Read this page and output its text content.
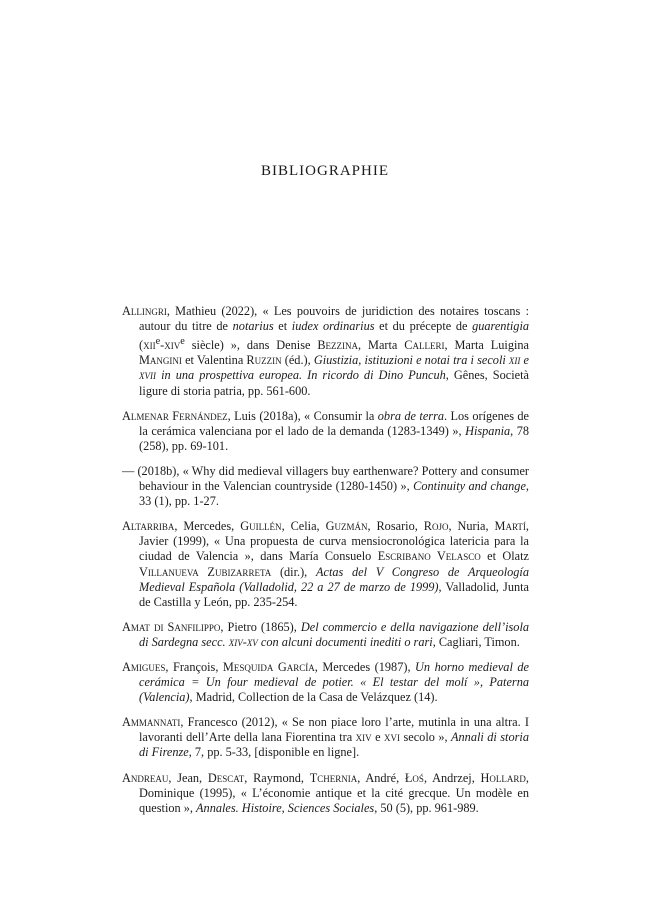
BIBLIOGRAPHIE

Allingri, Mathieu (2022), « Les pouvoirs de juridiction des notaires toscans : autour du titre de notarius et iudex ordinarius et du précepte de guarentigia (xii$^e$-xiv$^e$ siècle) », dans Denise Bezzina, Marta Calleri, Marta Luigina Mangini et Valentina Ruzzin (éd.), Giustizia, istituzioni e notai tra i secoli xii e xvii in una prospettiva europea. In ricordo di Dino Puncuh, Gênes, Società ligure di storia patria, pp. 561-600.

Almenar Fernández, Luis (2018a), « Consumir la obra de terra. Los orígenes de la cerámica valenciana por el lado de la demanda (1283-1349) », Hispania, 78 (258), pp. 69-101.

— (2018b), « Why did medieval villagers buy earthenware? Pottery and consumer behaviour in the Valencian countryside (1280-1450) », Continuity and change, 33 (1), pp. 1-27.

Altarriba, Mercedes, Guillén, Celia, Guzmán, Rosario, Rojo, Nuria, Martí, Javier (1999), « Una propuesta de curva mensiocronológica latericia para la ciudad de Valencia », dans María Consuelo Escribano Velasco et Olatz Villanueva Zubizarreta (dir.), Actas del V Congreso de Arqueología Medieval Española (Valladolid, 22 a 27 de marzo de 1999), Valladolid, Junta de Castilla y León, pp. 235-254.

Amat di Sanfilippo, Pietro (1865), Del commercio e della navigazione dell’isola di Sardegna secc. xiv-xv con alcuni documenti inediti o rari, Cagliari, Timon.

Amigues, François, Mesquida García, Mercedes (1987), Un horno medieval de cerámica = Un four medieval de potier. « El testar del molí », Paterna (Valencia), Madrid, Collection de la Casa de Velázquez (14).

Ammannati, Francesco (2012), « Se non piace loro l’arte, mutinla in una altra. I lavoranti dell’Arte della lana Fiorentina tra xiv e xvi secolo », Annali di storia di Firenze, 7, pp. 5-33, [disponible en ligne].

Andreau, Jean, Descat, Raymond, Tchernia, André, Łoś, Andrzej, Hollard, Dominique (1995), « L’économie antique et la cité grecque. Un modèle en question », Annales. Histoire, Sciences Sociales, 50 (5), pp. 961-989.
